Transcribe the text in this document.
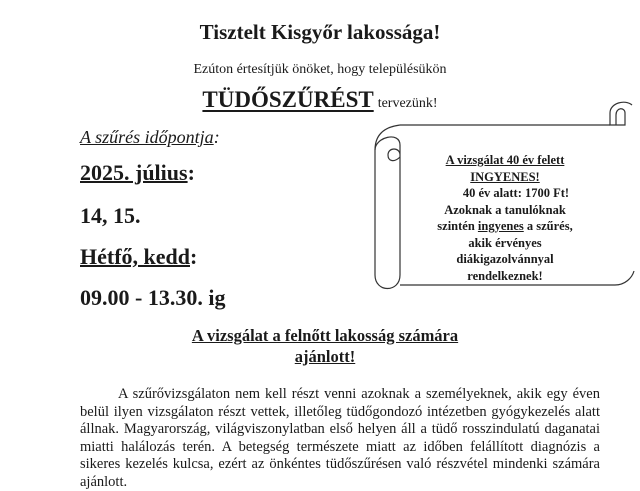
Tisztelt Kisgyőr lakossága!
Ezúton értesítjük önöket, hogy településükön
TÜDŐSZŰRÉST tervezünk!
A szűrés időpontja:
2025. július:
14, 15.
Hétfő, kedd:
09.00 - 13.30. ig
A vizsgálat 40 év felett
INGYENES!
40 év alatt: 1700 Ft!
Azoknak a tanulóknak
szintén ingyenes a szűrés,
akik érvényes
diákigazolvánnyal
rendelkeznek!
A vizsgálat a felnőtt lakosság számára
ajánlott!

A szűrővizsgálaton nem kell részt venni azoknak a személyeknek, akik egy éven belül ilyen vizsgálaton részt vettek, illetőleg tüdőgondozó intézetben gyógykezelés alatt állnak. Magyarország, világviszonylatban első helyen áll a tüdő rosszindulatú daganatai miatti halálozás terén. A betegség természete miatt az időben felállított diagnózis a sikeres kezelés kulcsa, ezért az önkéntes tüdőszűrésen való részvétel mindenki számára ajánlott.
